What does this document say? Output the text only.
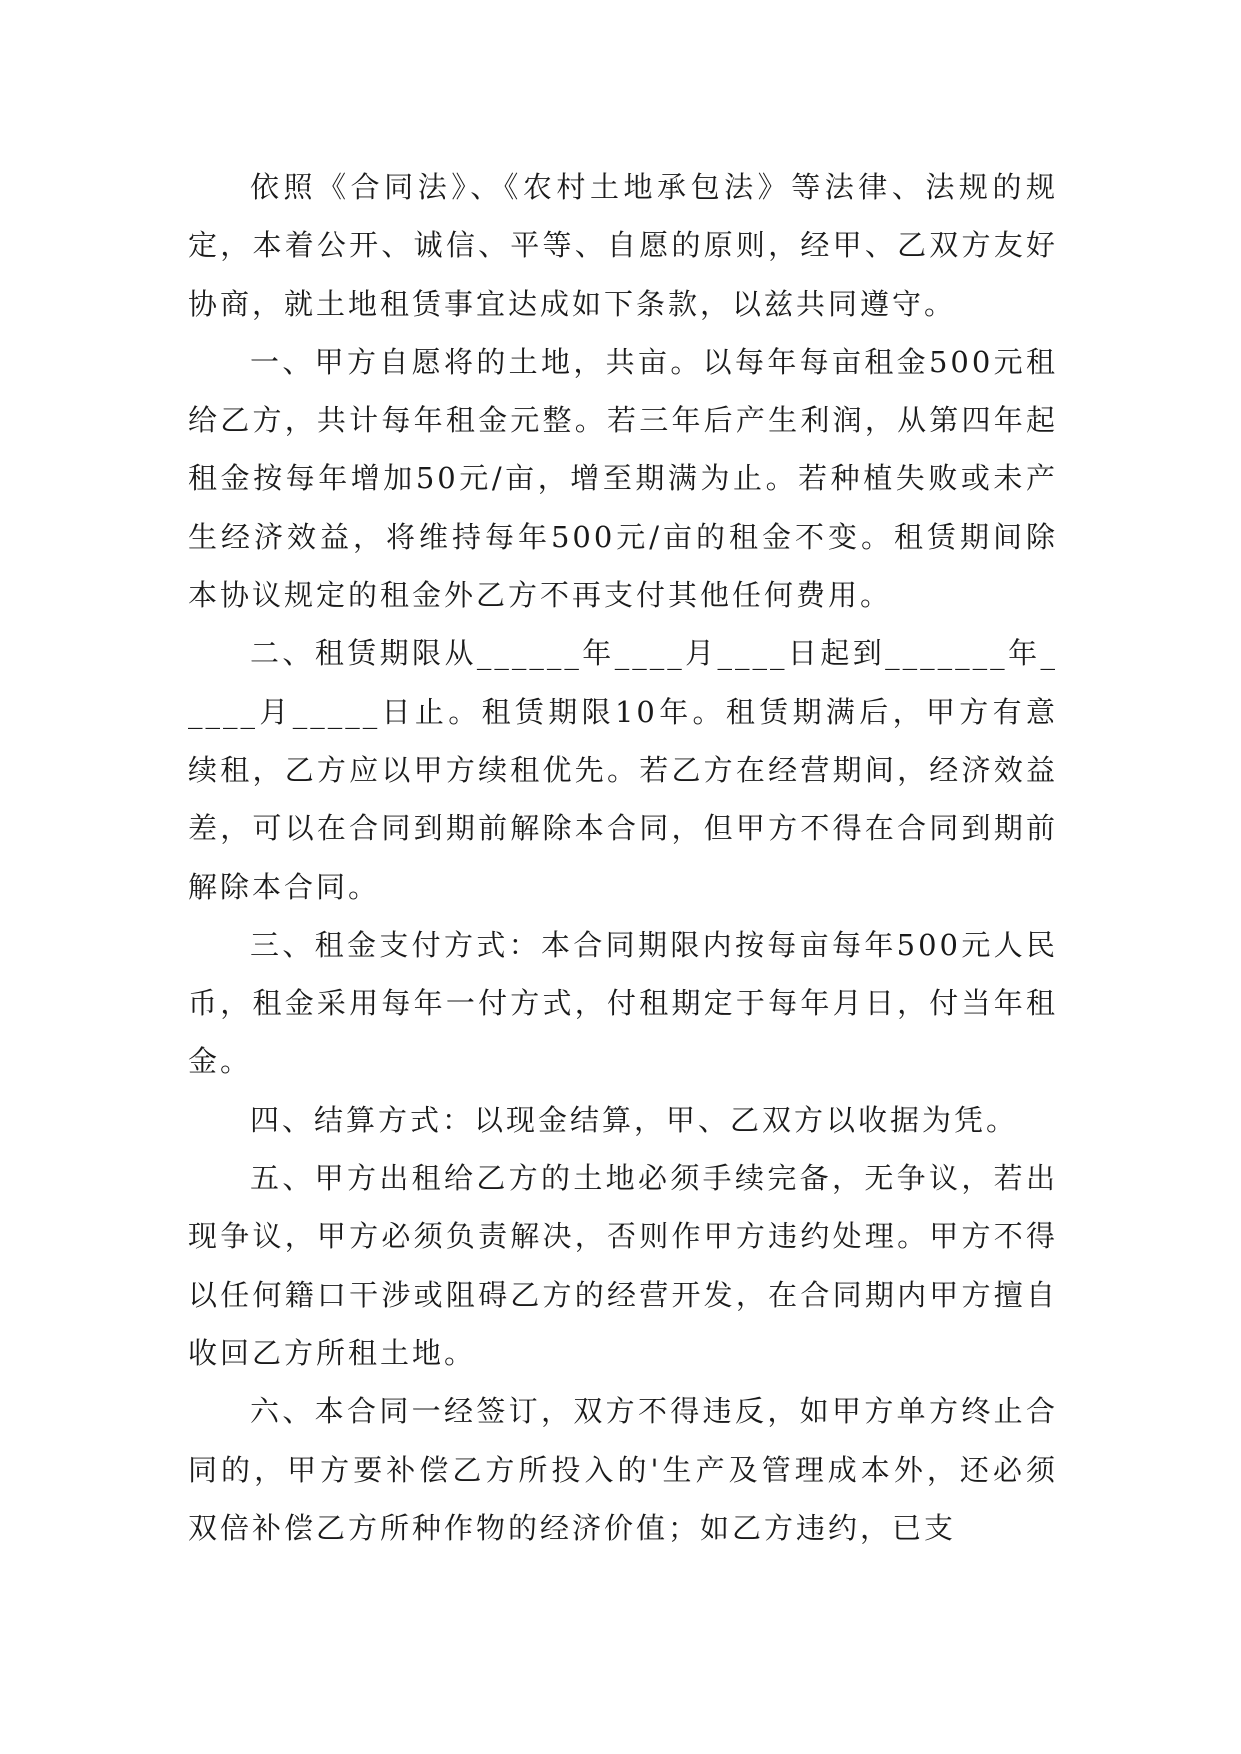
依照《合同法》、《农村土地承包法》等法律、法规的规定，本着公开、诚信、平等、自愿的原则，经甲、乙双方友好协商，就土地租赁事宜达成如下条款，以兹共同遵守。

一、甲方自愿将的土地，共亩。以每年每亩租金500元租给乙方，共计每年租金元整。若三年后产生利润，从第四年起租金按每年增加50元/亩，增至期满为止。若种植失败或未产生经济效益，将维持每年500元/亩的租金不变。租赁期间除本协议规定的租金外乙方不再支付其他任何费用。

二、租赁期限从______年____月____日起到_______年_____月_____日止。租赁期限10年。租赁期满后，甲方有意续租，乙方应以甲方续租优先。若乙方在经营期间，经济效益差，可以在合同到期前解除本合同，但甲方不得在合同到期前解除本合同。

三、租金支付方式：本合同期限内按每亩每年500元人民币，租金采用每年一付方式，付租期定于每年月日，付当年租金。

四、结算方式：以现金结算，甲、乙双方以收据为凭。

五、甲方出租给乙方的土地必须手续完备，无争议，若出现争议，甲方必须负责解决，否则作甲方违约处理。甲方不得以任何籍口干涉或阻碍乙方的经营开发，在合同期内甲方擅自收回乙方所租土地。

六、本合同一经签订，双方不得违反，如甲方单方终止合同的，甲方要补偿乙方所投入的'生产及管理成本外，还必须双倍补偿乙方所种作物的经济价值；如乙方违约，已支
